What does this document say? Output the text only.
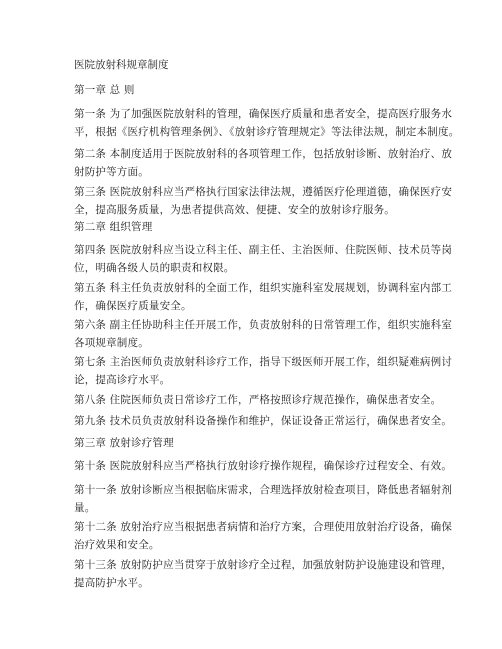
医院放射科规章制度
第一章 总 则
第一条 为了加强医院放射科的管理，确保医疗质量和患者安全，提高医疗服务水
平，根据《医疗机构管理条例》、《放射诊疗管理规定》等法律法规，制定本制度。
第二条 本制度适用于医院放射科的各项管理工作，包括放射诊断、放射治疗、放
射防护等方面。
第三条 医院放射科应当严格执行国家法律法规，遵循医疗伦理道德，确保医疗安
全，提高服务质量，为患者提供高效、便捷、安全的放射诊疗服务。
第二章 组织管理
第四条 医院放射科应当设立科主任、副主任、主治医师、住院医师、技术员等岗
位，明确各级人员的职责和权限。
第五条 科主任负责放射科的全面工作，组织实施科室发展规划，协调科室内部工
作，确保医疗质量安全。
第六条 副主任协助科主任开展工作，负责放射科的日常管理工作，组织实施科室
各项规章制度。
第七条 主治医师负责放射科诊疗工作，指导下级医师开展工作，组织疑难病例讨
论，提高诊疗水平。
第八条 住院医师负责日常诊疗工作，严格按照诊疗规范操作，确保患者安全。
第九条 技术员负责放射科设备操作和维护，保证设备正常运行，确保患者安全。
第三章 放射诊疗管理
第十条 医院放射科应当严格执行放射诊疗操作规程，确保诊疗过程安全、有效。
第十一条 放射诊断应当根据临床需求，合理选择放射检查项目，降低患者辐射剂
量。
第十二条 放射治疗应当根据患者病情和治疗方案，合理使用放射治疗设备，确保
治疗效果和安全。
第十三条 放射防护应当贯穿于放射诊疗全过程，加强放射防护设施建设和管理，
提高防护水平。
